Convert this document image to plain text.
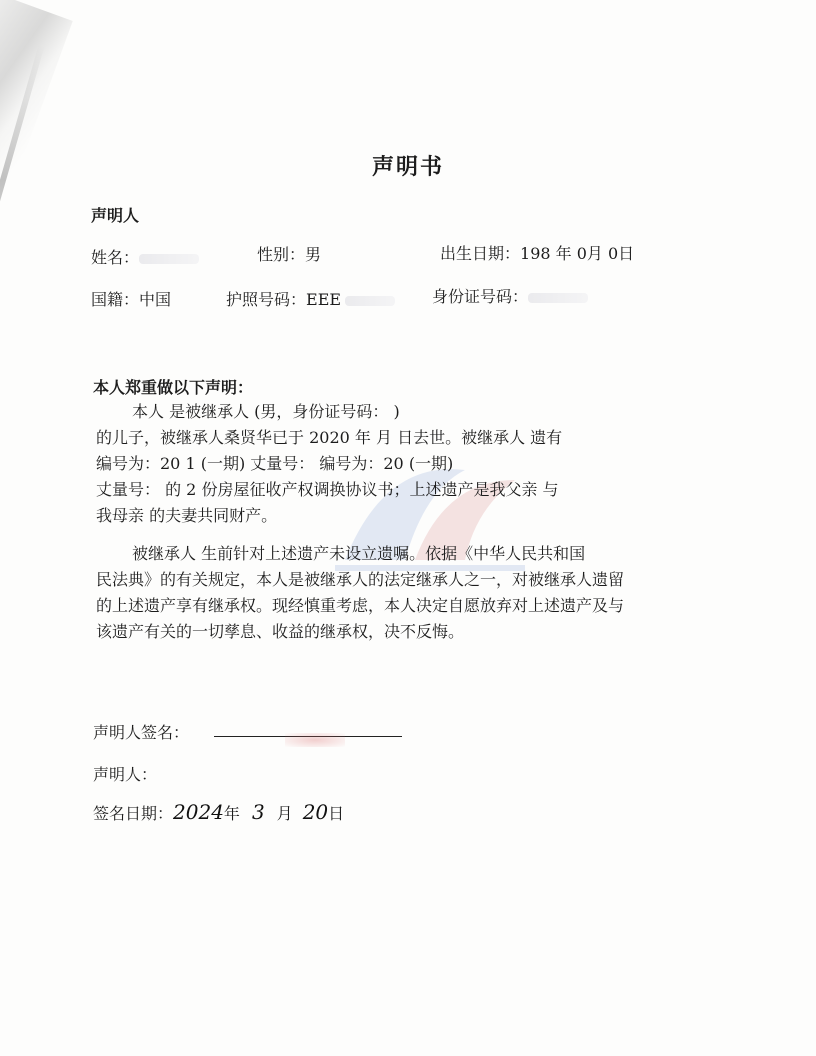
声明书
声明人
姓名：	性别：男	出生日期：198 年 0月 0日
国籍：中国	护照号码：EEE	身份证号码：
本人郑重做以下声明：
本人 是被继承人 (男，身份证号码： )
的儿子，被继承人桑贤华已于 2020 年 月 日去世。被继承人 遗有
编号为：20 1 (一期) 丈量号： 编号为：20 (一期)
丈量号： 的 2 份房屋征收产权调换协议书；上述遗产是我父亲 与
我母亲 的夫妻共同财产。
被继承人 生前针对上述遗产未设立遗嘱。依据《中华人民共和国
民法典》的有关规定，本人是被继承人的法定继承人之一，对被继承人遗留
的上述遗产享有继承权。现经慎重考虑，本人决定自愿放弃对上述遗产及与
该遗产有关的一切孳息、收益的继承权，决不反悔。
声明人签名：
声明人：
签名日期：2024年 3 月 20日
